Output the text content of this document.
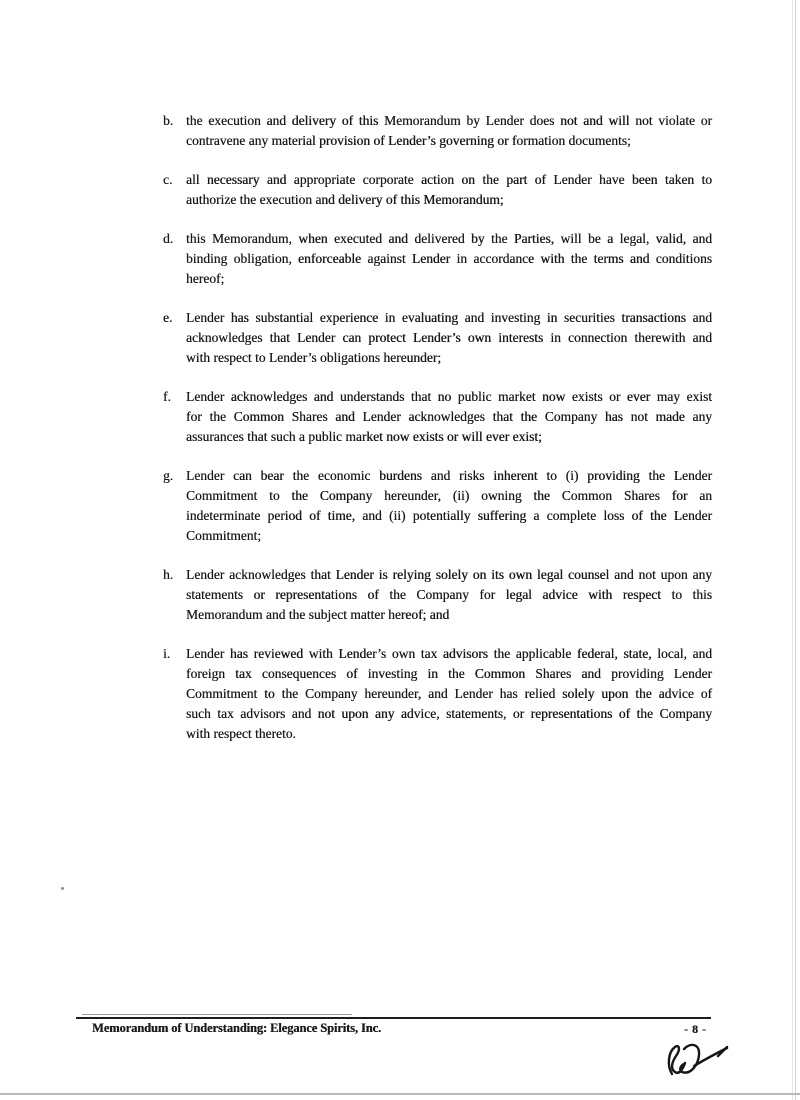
b. the execution and delivery of this Memorandum by Lender does not and will not violate or
contravene any material provision of Lender’s governing or formation documents;
c.	all necessary and appropriate corporate action on the part of Lender have been taken to
authorize the execution and delivery of this Memorandum;
d. this Memorandum, when executed and delivered by the Parties, will be a legal, valid, and
binding obligation, enforceable against Lender in accordance with the terms and conditions
hereof;
e.	Lender has substantial experience in evaluating and investing in securities transactions and
acknowledges that Lender can protect Lender’s own interests in connection therewith and
with respect to Lender’s obligations hereunder;
f.	Lender acknowledges and understands that no public market now exists or ever may exist
for the Common Shares and Lender acknowledges that the Company has not made any
assurances that such a public market now exists or will ever exist;
g. Lender can bear the economic burdens and risks inherent to (i) providing the Lender
Commitment to the Company hereunder, (ii) owning the Common Shares for an
indeterminate period of time, and (ii) potentially suffering a complete loss of the Lender
Commitment;
h. Lender acknowledges that Lender is relying solely on its own legal counsel and not upon any
statements or representations of the Company for legal advice with respect to this
Memorandum and the subject matter hereof; and
i.	Lender has reviewed with Lender’s own tax advisors the applicable federal, state, local, and
foreign tax consequences of investing in the Common Shares and providing Lender
Commitment to the Company hereunder, and Lender has relied solely upon the advice of
such tax advisors and not upon any advice, statements, or representations of the Company
with respect thereto.
Memorandum of Understanding: Elegance Spirits, Inc.	- 8 -
